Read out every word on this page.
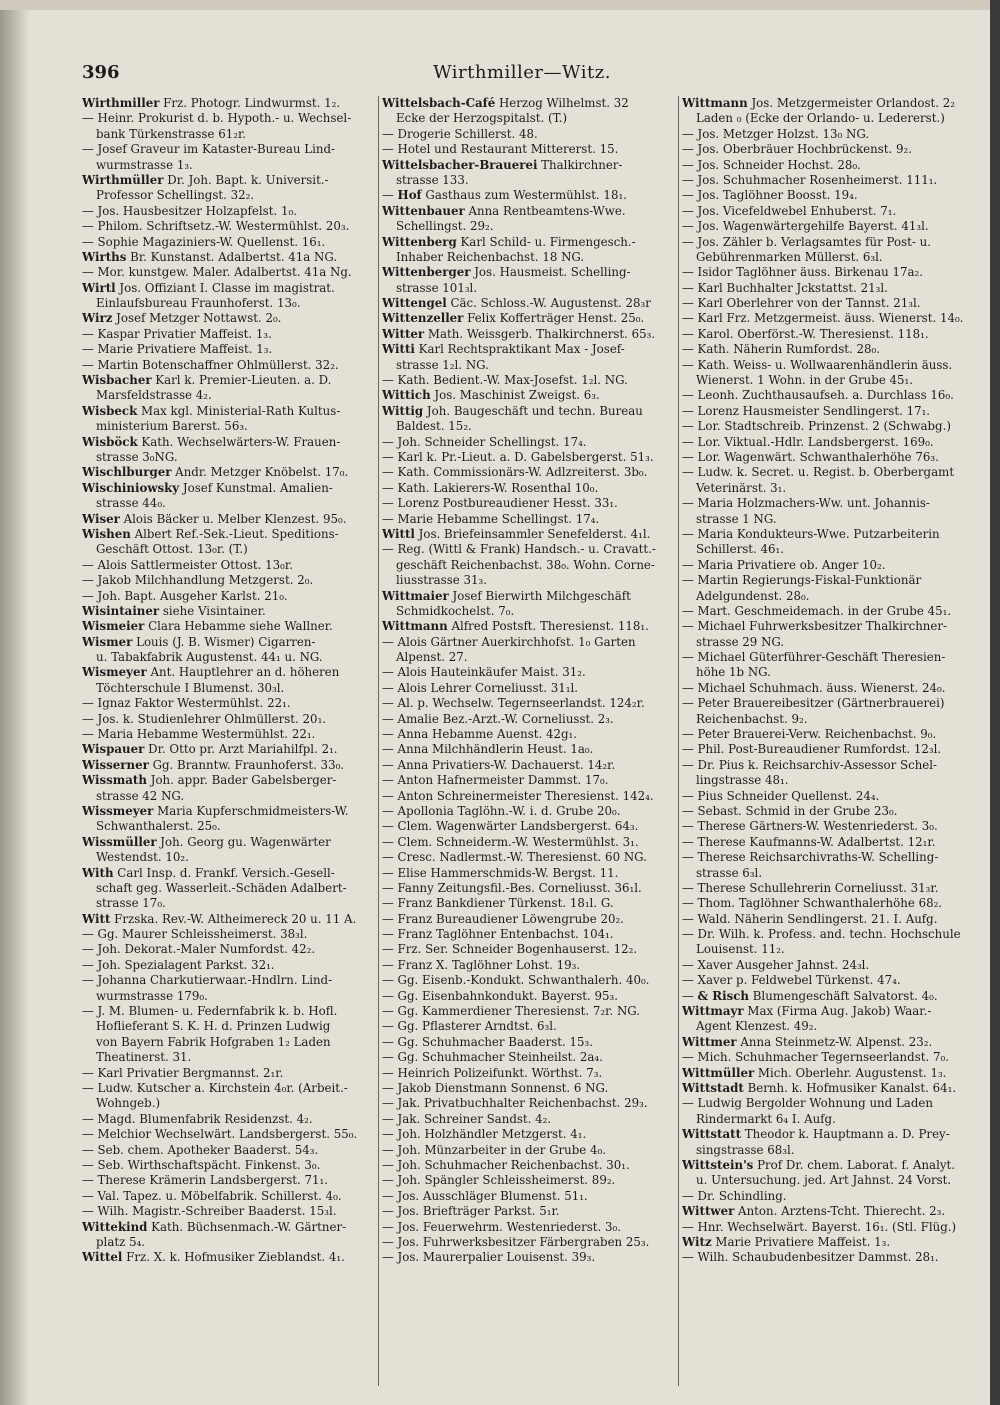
Wirthmiller—Witz.
396
Wirthmiller Frz. Photogr. Lindwurmst. 1₂.
— Heinr. Prokurist d. b. Hypoth.- u. Wechsel-
bank Türkenstrasse 61₂r.
— Josef Graveur im Kataster-Bureau Lind-
wurmstrasse 1₃.
Wirthmüller Dr. Joh. Bapt. k. Universit.-
Professor Schellingst. 32₂.
— Jos. Hausbesitzer Holzapfelst. 1₀.
— Philom. Schriftsetz.-W. Westermühlst. 20₃.
— Sophie Magaziniers-W. Quellenst. 16₁.
Wirths Br. Kunstanst. Adalbertst. 41a NG.
— Mor. kunstgew. Maler. Adalbertst. 41a Ng.
Wirtl Jos. Offiziant I. Classe im magistrat.
Einlaufsbureau Fraunhoferst. 13₀.
Wirz Josef Metzger Nottawst. 2₀.
— Kaspar Privatier Maffeist. 1₃.
— Marie Privatiere Maffeist. 1₃.
— Martin Botenschaffner Ohlmüllerst. 32₂.
Wisbacher Karl k. Premier-Lieuten. a. D.
Marsfeldstrasse 4₂.
Wisbeck Max kgl. Ministerial-Rath Kultus-
ministerium Barerst. 56₃.
Wisböck Kath. Wechselwärters-W. Frauen-
strasse 3₀NG.
Wischlburger Andr. Metzger Knöbelst. 17₀.
Wischiniowsky Josef Kunstmal. Amalien-
strasse 44₀.
Wiser Alois Bäcker u. Melber Klenzest. 95₀.
Wishen Albert Ref.-Sek.-Lieut. Speditions-
Geschäft Ottost. 13₀r. (T.)
— Alois Sattlermeister Ottost. 13₀r.
— Jakob Milchhandlung Metzgerst. 2₀.
— Joh. Bapt. Ausgeher Karlst. 21₀.
Wisintainer siehe Visintainer.
Wismeier Clara Hebamme siehe Wallner.
Wismer Louis (J. B. Wismer) Cigarren-
u. Tabakfabrik Augustenst. 44₁ u. NG.
Wismeyer Ant. Hauptlehrer an d. höheren
Töchterschule I Blumenst. 30₃l.
— Ignaz Faktor Westermühlst. 22₁.
— Jos. k. Studienlehrer Ohlmüllerst. 20₁.
— Maria Hebamme Westermühlst. 22₁.
Wispauer Dr. Otto pr. Arzt Mariahilfpl. 2₁.
Wisserner Gg. Branntw. Fraunhoferst. 33₀.
Wissmath Joh. appr. Bader Gabelsberger-
strasse 42 NG.
Wissmeyer Maria Kupferschmidmeisters-W.
Schwanthalerst. 25₀.
Wissmüller Joh. Georg gu. Wagenwärter
Westendst. 10₂.
With Carl Insp. d. Frankf. Versich.-Gesell-
schaft geg. Wasserleit.-Schäden Adalbert-
strasse 17₀.
Witt Frzska. Rev.-W. Altheimereck 20 u. 11 A.
— Gg. Maurer Schleissheimerst. 38₃l.
— Joh. Dekorat.-Maler Numfordst. 42₂.
— Joh. Spezialagent Parkst. 32₁.
— Johanna Charkutierwaar.-Hndlrn. Lind-
wurmstrasse 179₀.
— J. M. Blumen- u. Federnfabrik k. b. Hofl.
Hoflieferant S. K. H. d. Prinzen Ludwig
von Bayern Fabrik Hofgraben 1₂ Laden
Theatinerst. 31.
— Karl Privatier Bergmannst. 2₁r.
— Ludw. Kutscher a. Kirchstein 4₀r. (Arbeit.-
Wohngeb.)
— Magd. Blumenfabrik Residenzst. 4₂.
— Melchior Wechselwärt. Landsbergerst. 55₀.
— Seb. chem. Apotheker Baaderst. 54₃.
— Seb. Wirthschaftspächt. Finkenst. 3₀.
— Therese Krämerin Landsbergerst. 71₁.
— Val. Tapez. u. Möbelfabrik. Schillerst. 4₀.
— Wilh. Magistr.-Schreiber Baaderst. 15₃l.
Wittekind Kath. Büchsenmach.-W. Gärtner-
platz 5₄.
Wittel Frz. X. k. Hofmusiker Zieblandst. 4₁.
Wittelsbach-Café Herzog Wilhelmst. 32
Ecke der Herzogspitalst. (T.)
— Drogerie Schillerst. 48.
— Hotel und Restaurant Mittererst. 15.
Wittelsbacher-Brauerei Thalkirchner-
strasse 133.
— Hof Gasthaus zum Westermühlst. 18₁.
Wittenbauer Anna Rentbeamtens-Wwe.
Schellingst. 29₂.
Wittenberg Karl Schild- u. Firmengesch.-
Inhaber Reichenbachst. 18 NG.
Wittenberger Jos. Hausmeist. Schelling-
strasse 101₃l.
Wittengel Cäc. Schloss.-W. Augustenst. 28₃r
Wittenzeller Felix Kofferträger Henst. 25₀.
Witter Math. Weissgerb. Thalkirchnerst. 65₃.
Witti Karl Rechtspraktikant Max - Josef-
strasse 1₂l. NG.
— Kath. Bedient.-W. Max-Josefst. 1₂l. NG.
Wittich Jos. Maschinist Zweigst. 6₃.
Wittig Joh. Baugeschäft und techn. Bureau
Baldest. 15₂.
— Joh. Schneider Schellingst. 17₄.
— Karl k. Pr.-Lieut. a. D. Gabelsbergerst. 51₃.
— Kath. Commissionärs-W. Adlzreiterst. 3b₀.
— Kath. Lakierers-W. Rosenthal 10₀.
— Lorenz Postbureaudiener Hesst. 33₁.
— Marie Hebamme Schellingst. 17₄.
Wittl Jos. Briefeinsammler Senefelderst. 4₁l.
— Reg. (Wittl & Frank) Handsch.- u. Cravatt.-
geschäft Reichenbachst. 38₀. Wohn. Corne-
liusstrasse 31₃.
Wittmaier Josef Bierwirth Milchgeschäft
Schmidkochelst. 7₀.
Wittmann Alfred Postsft. Theresienst. 118₁.
— Alois Gärtner Auerkirchhofst. 1₀ Garten
Alpenst. 27.
— Alois Hauteinkäufer Maist. 31₂.
— Alois Lehrer Corneliusst. 31₁l.
— Al. p. Wechselw. Tegernseerlandst. 124₂r.
— Amalie Bez.-Arzt.-W. Corneliusst. 2₃.
— Anna Hebamme Auenst. 42g₁.
— Anna Milchhändlerin Heust. 1a₀.
— Anna Privatiers-W. Dachauerst. 14₂r.
— Anton Hafnermeister Dammst. 17₀.
— Anton Schreinermeister Theresienst. 142₄.
— Apollonia Taglöhn.-W. i. d. Grube 20₀.
— Clem. Wagenwärter Landsbergerst. 64₃.
— Clem. Schneiderm.-W. Westermühlst. 3₁.
— Cresc. Nadlermst.-W. Theresienst. 60 NG.
— Elise Hammerschmids-W. Bergst. 11.
— Fanny Zeitungsfil.-Bes. Corneliusst. 36₁l.
— Franz Bankdiener Türkenst. 18₁l. G.
— Franz Bureaudiener Löwengrube 20₂.
— Franz Taglöhner Entenbachst. 104₁.
— Frz. Ser. Schneider Bogenhauserst. 12₂.
— Franz X. Taglöhner Lohst. 19₃.
— Gg. Eisenb.-Kondukt. Schwanthalerh. 40₀.
— Gg. Eisenbahnkondukt. Bayerst. 95₃.
— Gg. Kammerdiener Theresienst. 7₂r. NG.
— Gg. Pflasterer Arndtst. 6₃l.
— Gg. Schuhmacher Baaderst. 15₃.
— Gg. Schuhmacher Steinheilst. 2a₄.
— Heinrich Polizeifunkt. Wörthst. 7₃.
— Jakob Dienstmann Sonnenst. 6 NG.
— Jak. Privatbuchhalter Reichenbachst. 29₃.
— Jak. Schreiner Sandst. 4₂.
— Joh. Holzhändler Metzgerst. 4₁.
— Joh. Münzarbeiter in der Grube 4₀.
— Joh. Schuhmacher Reichenbachst. 30₁.
— Joh. Spängler Schleissheimerst. 89₂.
— Jos. Ausschläger Blumenst. 51₁.
— Jos. Briefträger Parkst. 5₁r.
— Jos. Feuerwehrm. Westenriederst. 3₀.
— Jos. Fuhrwerksbesitzer Färbergraben 25₃.
— Jos. Maurerpalier Louisenst. 39₃.
Wittmann Jos. Metzgermeister Orlandost. 2₂
Laden ₀ (Ecke der Orlando- u. Ledererst.)
— Jos. Metzger Holzst. 13₀ NG.
— Jos. Oberbräuer Hochbrückenst. 9₂.
— Jos. Schneider Hochst. 28₀.
— Jos. Schuhmacher Rosenheimerst. 111₁.
— Jos. Taglöhner Boosst. 19₄.
— Jos. Vicefeldwebel Enhuberst. 7₁.
— Jos. Wagenwärtergehilfe Bayerst. 41₃l.
— Jos. Zähler b. Verlagsamtes für Post- u.
Gebührenmarken Müllerst. 6₃l.
— Isidor Taglöhner äuss. Birkenau 17a₂.
— Karl Buchhalter Jckstattst. 21₃l.
— Karl Oberlehrer von der Tannst. 21₃l.
— Karl Frz. Metzgermeist. äuss. Wienerst. 14₀.
— Karol. Oberförst.-W. Theresienst. 118₁.
— Kath. Näherin Rumfordst. 28₀.
— Kath. Weiss- u. Wollwaarenhändlerin äuss.
Wienerst. 1 Wohn. in der Grube 45₁.
— Leonh. Zuchthausaufseh. a. Durchlass 16₀.
— Lorenz Hausmeister Sendlingerst. 17₁.
— Lor. Stadtschreib. Prinzenst. 2 (Schwabg.)
— Lor. Viktual.-Hdlr. Landsbergerst. 169₀.
— Lor. Wagenwärt. Schwanthalerhöhe 76₃.
— Ludw. k. Secret. u. Regist. b. Oberbergamt
Veterinärst. 3₁.
— Maria Holzmachers-Ww. unt. Johannis-
strasse 1 NG.
— Maria Kondukteurs-Wwe. Putzarbeiterin
Schillerst. 46₁.
— Maria Privatiere ob. Anger 10₂.
— Martin Regierungs-Fiskal-Funktionär
Adelgundenst. 28₀.
— Mart. Geschmeidemach. in der Grube 45₁.
— Michael Fuhrwerksbesitzer Thalkirchner-
strasse 29 NG.
— Michael Güterführer-Geschäft Theresien-
höhe 1b NG.
— Michael Schuhmach. äuss. Wienerst. 24₀.
— Peter Brauereibesitzer (Gärtnerbrauerei)
Reichenbachst. 9₂.
— Peter Brauerei-Verw. Reichenbachst. 9₀.
— Phil. Post-Bureaudiener Rumfordst. 12₃l.
— Dr. Pius k. Reichsarchiv-Assessor Schel-
lingstrasse 48₁.
— Pius Schneider Quellenst. 24₄.
— Sebast. Schmid in der Grube 23₀.
— Therese Gärtners-W. Westenriederst. 3₀.
— Therese Kaufmanns-W. Adalbertst. 12₁r.
— Therese Reichsarchivraths-W. Schelling-
strasse 6₃l.
— Therese Schullehrerin Corneliusst. 31₃r.
— Thom. Taglöhner Schwanthalerhöhe 68₂.
— Wald. Näherin Sendlingerst. 21. I. Aufg.
— Dr. Wilh. k. Profess. and. techn. Hochschule
Louisenst. 11₂.
— Xaver Ausgeher Jahnst. 24₃l.
— Xaver p. Feldwebel Türkenst. 47₄.
— & Risch Blumengeschäft Salvatorst. 4₀.
Wittmayr Max (Firma Aug. Jakob) Waar.-
Agent Klenzest. 49₂.
Wittmer Anna Steinmetz-W. Alpenst. 23₂.
— Mich. Schuhmacher Tegernseerlandst. 7₀.
Wittmüller Mich. Oberlehr. Augustenst. 1₃.
Wittstadt Bernh. k. Hofmusiker Kanalst. 64₁.
— Ludwig Bergolder Wohnung und Laden
Rindermarkt 6₄ I. Aufg.
Wittstatt Theodor k. Hauptmann a. D. Prey-
singstrasse 68₃l.
Wittstein's Prof Dr. chem. Laborat. f. Analyt.
u. Untersuchung. jed. Art Jahnst. 24 Vorst.
— Dr. Schindling.
Wittwer Anton. Arztens-Tcht. Thierecht. 2₃.
— Hnr. Wechselwärt. Bayerst. 16₁. (Stl. Flüg.)
Witz Marie Privatiere Maffeist. 1₃.
— Wilh. Schaubudenbesitzer Dammst. 28₁.
